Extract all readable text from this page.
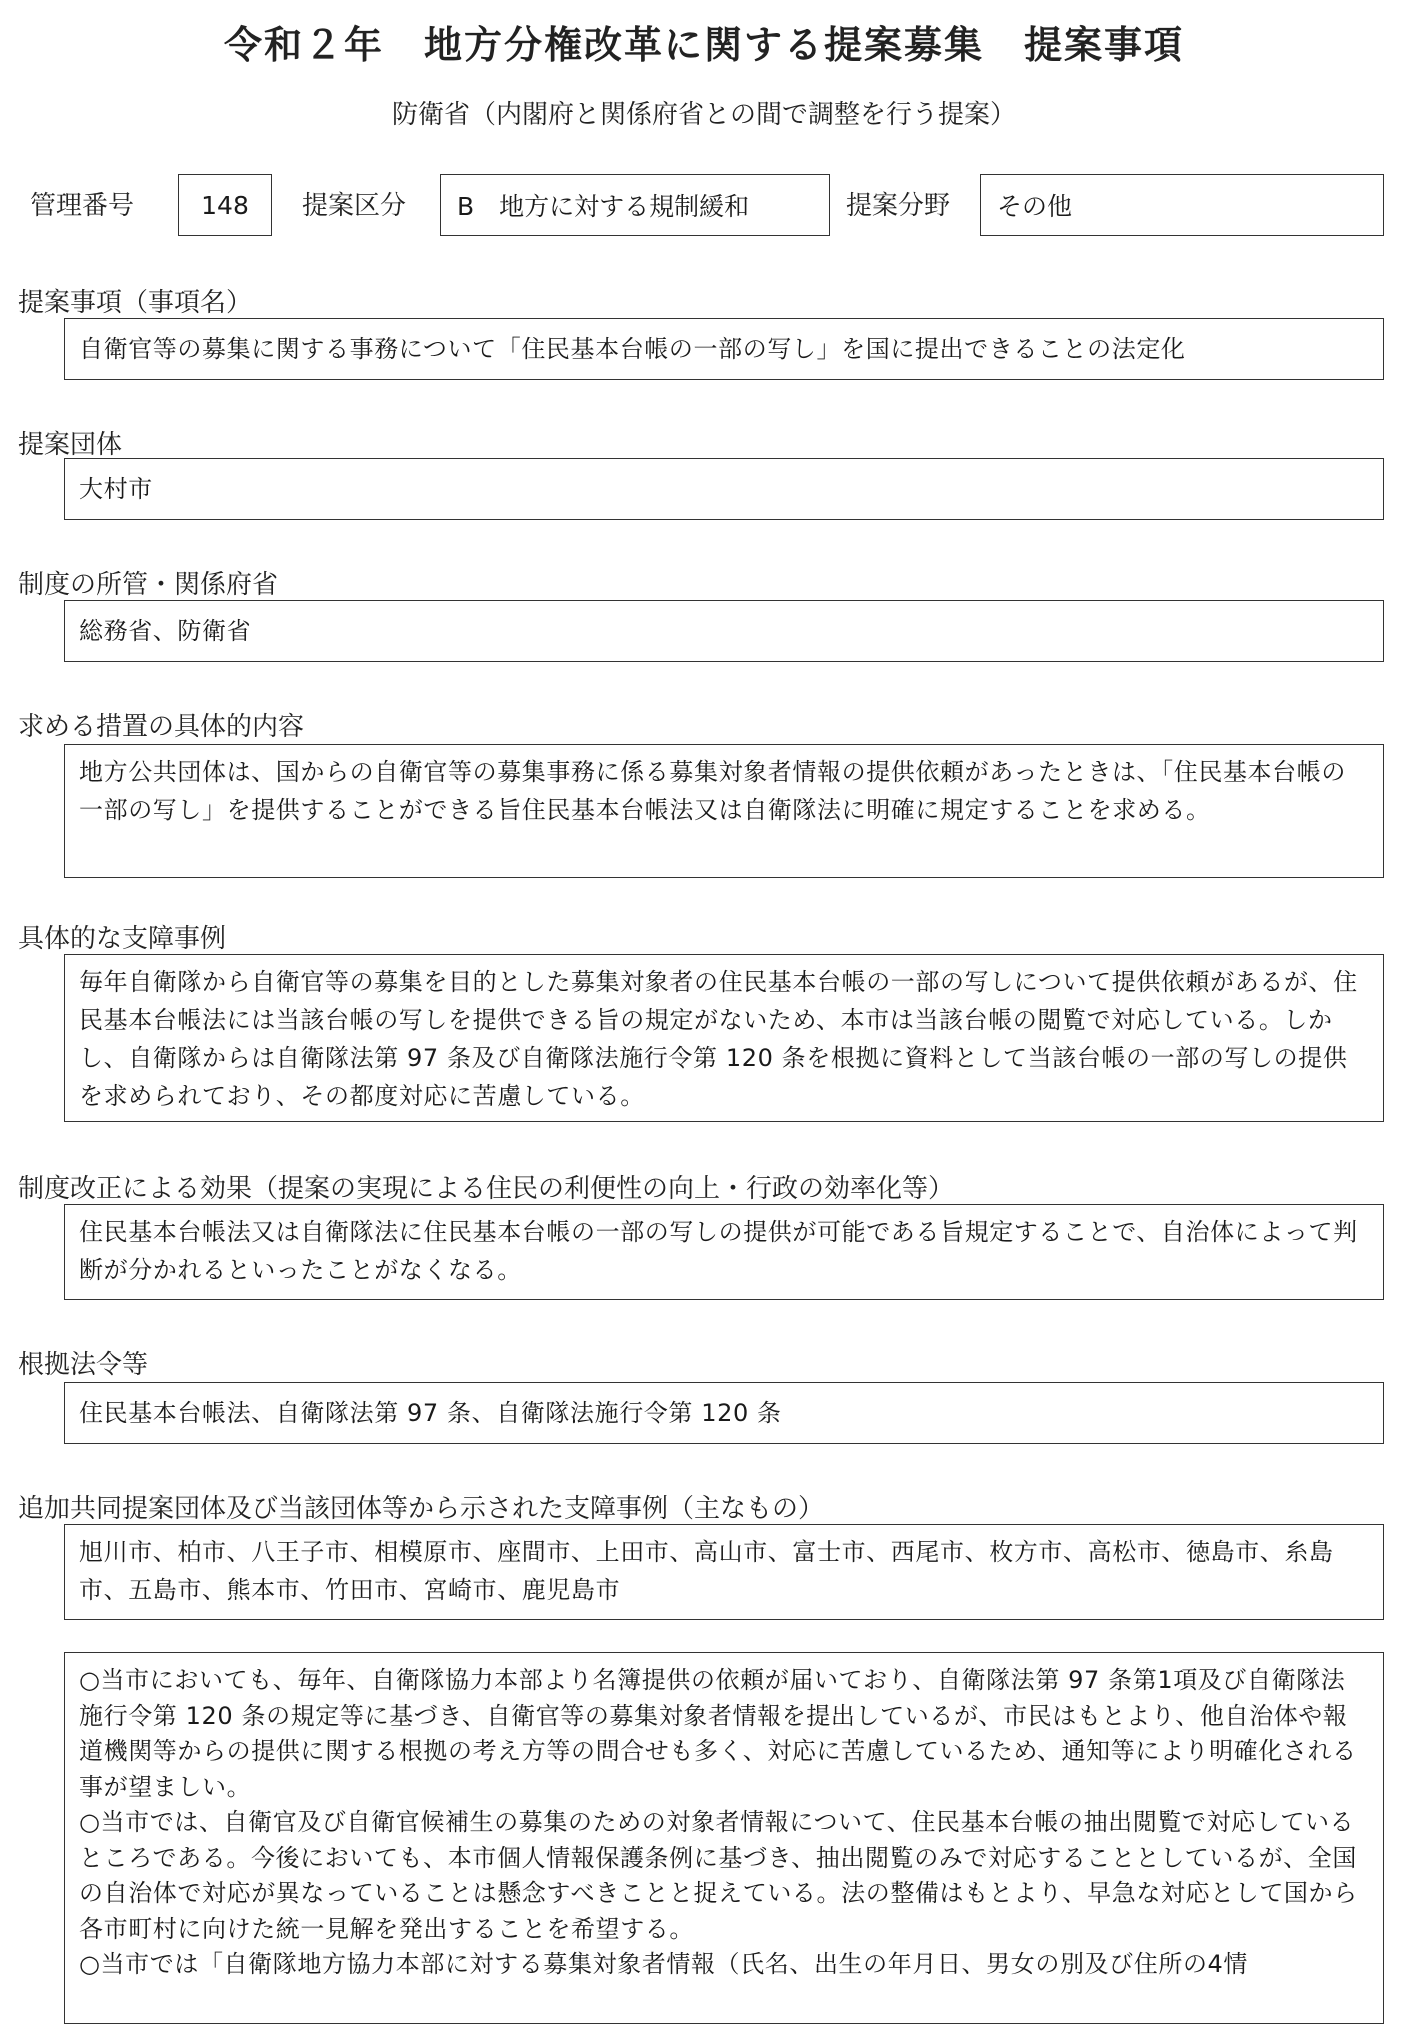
令和２年　地方分権改革に関する提案募集　提案事項
防衛省（内閣府と関係府省との間で調整を行う提案）
管理番号	148	提案区分	B　地方に対する規制緩和	提案分野	その他
提案事項（事項名）

自衛官等の募集に関する事務について「住民基本台帳の一部の写し」を国に提出できることの法定化

提案団体

大村市

制度の所管・関係府省

総務省、防衛省

求める措置の具体的内容

地方公共団体は、国からの自衛官等の募集事務に係る募集対象者情報の提供依頼があったときは、「住民基本台帳の一部の写し」を提供することができる旨住民基本台帳法又は自衛隊法に明確に規定することを求める。

具体的な支障事例

毎年自衛隊から自衛官等の募集を目的とした募集対象者の住民基本台帳の一部の写しについて提供依頼があるが、住民基本台帳法には当該台帳の写しを提供できる旨の規定がないため、本市は当該台帳の閲覧で対応している。しかし、自衛隊からは自衛隊法第 97 条及び自衛隊法施行令第 120 条を根拠に資料として当該台帳の一部の写しの提供を求められており、その都度対応に苦慮している。

制度改正による効果（提案の実現による住民の利便性の向上・行政の効率化等）

住民基本台帳法又は自衛隊法に住民基本台帳の一部の写しの提供が可能である旨規定することで、自治体によって判断が分かれるといったことがなくなる。

根拠法令等

住民基本台帳法、自衛隊法第 97 条、自衛隊法施行令第 120 条

追加共同提案団体及び当該団体等から示された支障事例（主なもの）

旭川市、柏市、八王子市、相模原市、座間市、上田市、高山市、富士市、西尾市、枚方市、高松市、徳島市、糸島市、五島市、熊本市、竹田市、宮崎市、鹿児島市

○当市においても、毎年、自衛隊協力本部より名簿提供の依頼が届いており、自衛隊法第 97 条第1項及び自衛隊法施行令第 120 条の規定等に基づき、自衛官等の募集対象者情報を提出しているが、市民はもとより、他自治体や報道機関等からの提供に関する根拠の考え方等の問合せも多く、対応に苦慮しているため、通知等により明確化される事が望ましい。

○当市では、自衛官及び自衛官候補生の募集のための対象者情報について、住民基本台帳の抽出閲覧で対応しているところである。今後においても、本市個人情報保護条例に基づき、抽出閲覧のみで対応することとしているが、全国の自治体で対応が異なっていることは懸念すべきことと捉えている。法の整備はもとより、早急な対応として国から各市町村に向けた統一見解を発出することを希望する。

○当市では「自衛隊地方協力本部に対する募集対象者情報（氏名、出生の年月日、男女の別及び住所の4情
